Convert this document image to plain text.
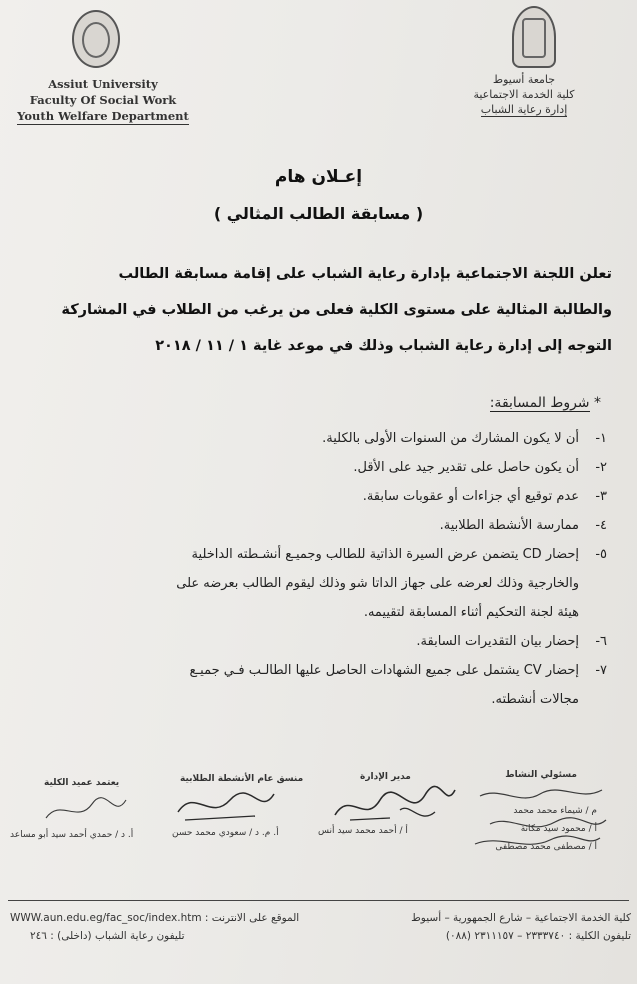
Assiut University
Faculty Of Social Work
Youth Welfare Department
جامعة أسيوط
كلية الخدمة الاجتماعية
إدارة رعاية الشباب
إعـلان هام
( مسابقة الطالب المثالي )

تعلن اللجنة الاجتماعية بإدارة رعاية الشباب على إقامة مسابقة الطالب

والطالبة المثالية على مستوى الكلية فعلى من يرغب من الطلاب في المشاركة

التوجه إلى إدارة رعاية الشباب وذلك في موعد غاية ١ / ١١ / ٢٠١٨

* شروط المسابقة:
١-أن لا يكون المشارك من السنوات الأولى بالكلية.
٢-أن يكون حاصل على تقدير جيد على الأقل.
٣-عدم توقيع أي جزاءات أو عقوبات سابقة.
٤-ممارسة الأنشطة الطلابية.
٥-إحضار CD يتضمن عرض السيرة الذاتية للطالب وجميـع أنشـطته الداخلية
والخارجية وذلك لعرضه على جهاز الداتا شو وذلك ليقوم الطالب بعرضه على
هيئة لجنة التحكيم أثناء المسابقة لتقييمه.
٦-إحضار بيان التقديرات السابقة.
٧-إحضار CV يشتمل على جميع الشهادات الحاصل عليها الطالـب فـي جميـع
مجالات أنشطته.
مسئولي النشاط
م / شيماء محمد محمد
أ / محمود سيد مكانة
أ / مصطفى محمد مصطفى
مدير الإدارة
أ / أحمد محمد سيد أنس
منسق عام الأنشطة الطلابية
أ. م. د / سعودي محمد حسن
يعتمد عميد الكلية
أ. د / حمدي أحمد سيد أبو مساعد
كلية الخدمة الاجتماعية – شارع الجمهورية – أسيوط
تليفون الكلية : ٢٣٣٣٧٤٠ – ٢٣١١١٥٧ (٠٨٨)
الموقع على الانترنت : WWW.aun.edu.eg/fac_soc/index.htm
تليفون رعاية الشباب (داخلى) : ٢٤٦
